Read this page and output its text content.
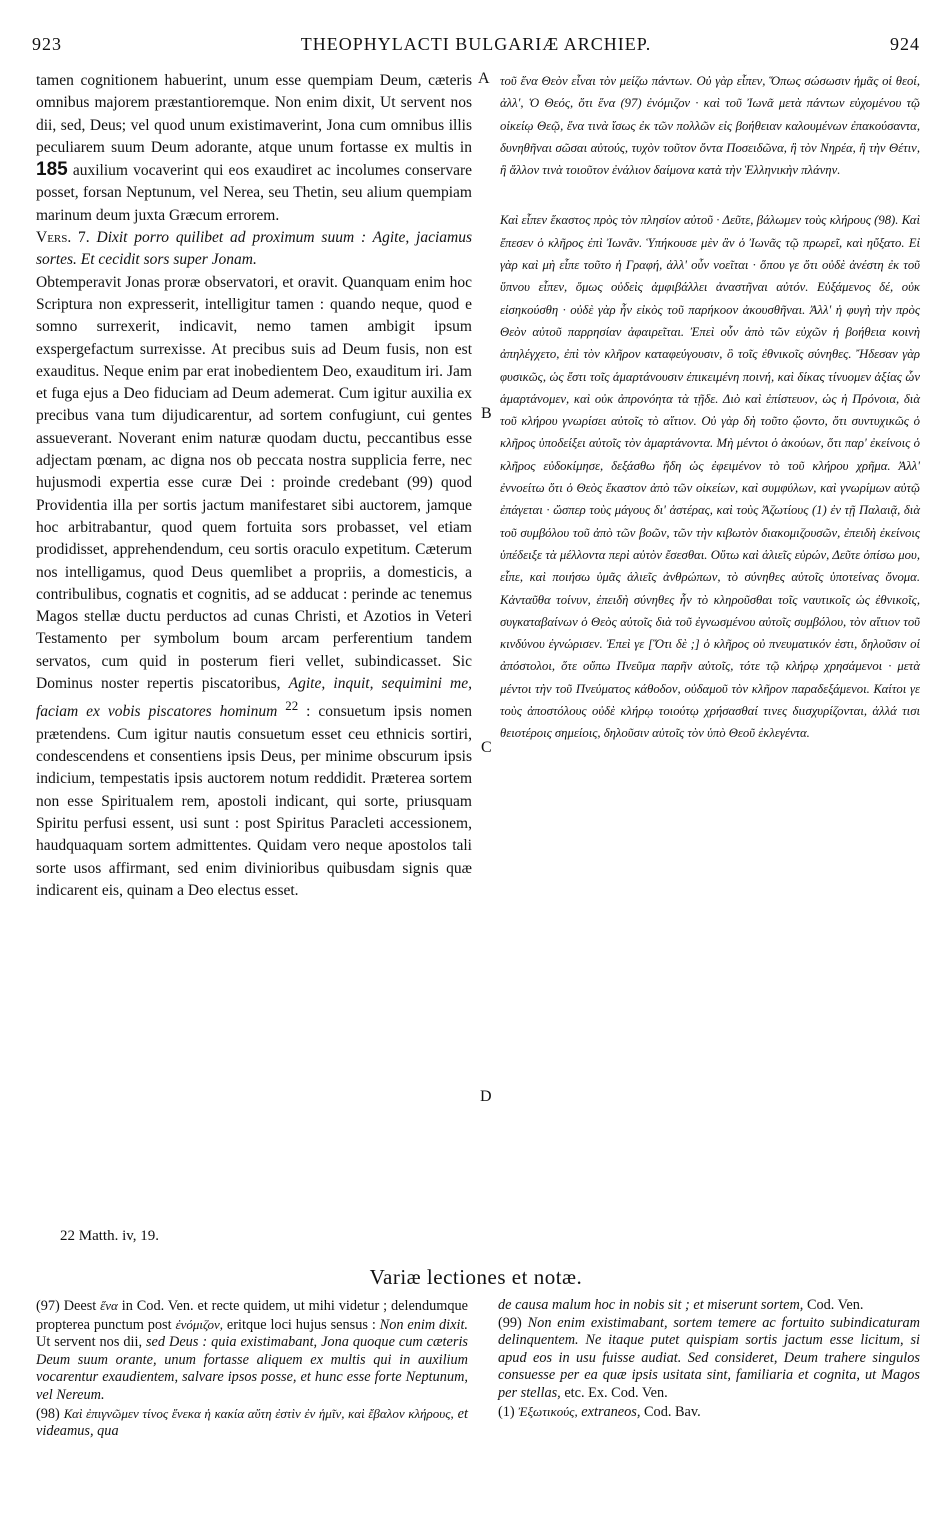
923	THEOPHYLACTI BULGARIÆ ARCHIEP.	924
A
B
C
D

tamen cognitionem habuerint, unum esse quempiam Deum, cæteris omnibus majorem præstantioremque. Non enim dixit, Ut servent nos dii, sed, Deus; vel quod unum existimaverint, Jona cum omnibus illis peculiarem suum Deum adorante, atque unum fortasse ex multis in 185 auxilium vocaverint qui eos exaudiret ac incolumes conservare posset, forsan Neptunum, vel Nerea, seu Thetin, seu alium quempiam marinum deum juxta Græcum errorem.

Vers. 7. Dixit porro quilibet ad proximum suum : Agite, jaciamus sortes. Et cecidit sors super Jonam.

Obtemperavit Jonas proræ observatori, et oravit. Quanquam enim hoc Scriptura non expresserit, intelligitur tamen : quando neque, quod e somno surrexerit, indicavit, nemo tamen ambigit ipsum exspergefactum surrexisse. At precibus suis ad Deum fusis, non est exauditus. Neque enim par erat inobedientem Deo, exauditum iri. Jam et fuga ejus a Deo fiduciam ad Deum ademerat. Cum igitur auxilia ex precibus vana tum dijudicarentur, ad sortem confugiunt, cui gentes assueverant. Noverant enim naturæ quodam ductu, peccantibus esse adjectam pœnam, ac digna nos ob peccata nostra supplicia ferre, nec hujusmodi expertia esse curæ Dei : proinde credebant (99) quod Providentia illa per sortis jactum manifestaret sibi auctorem, jamque hoc arbitrabantur, quod quem fortuita sors probasset, vel etiam prodidisset, apprehendendum, ceu sortis oraculo expetitum. Cæterum nos intelligamus, quod Deus quemlibet a propriis, a domesticis, a contribulibus, cognatis et cognitis, ad se adducat : perinde ac tenemus Magos stellæ ductu perductos ad cunas Christi, et Azotios in Veteri Testamento per symbolum boum arcam perferentium tandem servatos, cum quid in posterum fieri vellet, subindicasset. Sic Dominus noster repertis piscatoribus, Agite, inquit, sequimini me, faciam ex vobis piscatores hominum $^{22}$ : consuetum ipsis nomen prætendens. Cum igitur nautis consuetum esset ceu ethnicis sortiri, condescendens et consentiens ipsis Deus, per minime obscurum ipsis indicium, tempestatis ipsis auctorem notum reddidit. Præterea sortem non esse Spiritualem rem, apostoli indicant, qui sorte, priusquam Spiritu perfusi essent, usi sunt : post Spiritus Paracleti accessionem, haudquaquam sortem admittentes. Quidam vero neque apostolos tali sorte usos affirmant, sed enim divinioribus quibusdam signis quæ indicarent eis, quinam a Deo electus esset.

τοῦ ἕνα Θεὸν εἶναι τὸν μείζω πάντων. Οὐ γὰρ εἶπεν, Ὅπως σώσωσιν ἡμᾶς οἱ θεοί, ἀλλ', Ὁ Θεός, ὅτι ἕνα (97) ἐνόμιζον · καὶ τοῦ Ἰωνᾶ μετὰ πάντων εὐχομένου τῷ οἰκείῳ Θεῷ, ἕνα τινὰ ἴσως ἐκ τῶν πολλῶν εἰς βοήθειαν καλουμένων ἐπακούσαντα, δυνηθῆναι σῶσαι αὐτούς, τυχὸν τοῦτον ὄντα Ποσειδῶνα, ἢ τὸν Νηρέα, ἢ τὴν Θέτιν, ἢ ἄλλον τινὰ τοιοῦτον ἐνάλιον δαίμονα κατὰ τὴν Ἑλληνικὴν πλάνην.

Καὶ εἶπεν ἕκαστος πρὸς τὸν πλησίον αὐτοῦ · Δεῦτε, βάλωμεν τοὺς κλήρους (98). Καὶ ἔπεσεν ὁ κλῆρος ἐπὶ Ἰωνᾶν. Ὑπήκουσε μὲν ἂν ὁ Ἰωνᾶς τῷ πρωρεῖ, καὶ ηὔξατο. Εἰ γὰρ καὶ μὴ εἶπε τοῦτο ἡ Γραφή, ἀλλ' οὖν νοεῖται · ὅπου γε ὅτι οὐδὲ ἀνέστη ἐκ τοῦ ὕπνου εἶπεν, ὅμως οὐδεὶς ἀμφιβάλλει ἀναστῆναι αὐτόν. Εὐξάμενος δέ, οὐκ εἰσηκούσθη · οὐδὲ γὰρ ἦν εἰκὸς τοῦ παρήκοον ἀκουσθῆναι. Ἀλλ' ἡ φυγὴ τὴν πρὸς Θεὸν αὐτοῦ παρρησίαν ἀφαιρεῖται. Ἐπεὶ οὖν ἀπὸ τῶν εὐχῶν ἡ βοήθεια κοινὴ ἀπηλέγχετο, ἐπὶ τὸν κλῆρον καταφεύγουσιν, ὃ τοῖς ἐθνικοῖς σύνηθες. Ἤδεσαν γὰρ φυσικῶς, ὡς ἔστι τοῖς ἁμαρτάνουσιν ἐπικειμένη ποινή, καὶ δίκας τίνυομεν ἀξίας ὧν ἁμαρτάνομεν, καὶ οὐκ ἀπρονόητα τὰ τῇδε. Διὸ καὶ ἐπίστευον, ὡς ἡ Πρόνοια, διὰ τοῦ κλήρου γνωρίσει αὐτοῖς τὸ αἴτιον. Οὐ γὰρ δὴ τοῦτο ᾤοντο, ὅτι συντυχικῶς ὁ κλῆρος ὑποδείξει αὐτοῖς τὸν ἁμαρτάνοντα. Μὴ μέντοι ὁ ἀκούων, ὅτι παρ' ἐκείνοις ὁ κλῆρος εὐδοκίμησε, δεξάσθω ἤδη ὡς ἐφειμένον τὸ τοῦ κλήρου χρῆμα. Ἀλλ' ἐννοείτω ὅτι ὁ Θεὸς ἕκαστον ἀπὸ τῶν οἰκείων, καὶ συμφύλων, καὶ γνωρίμων αὐτῷ ἐπάγεται · ὥσπερ τοὺς μάγους δι' ἀστέρας, καὶ τοὺς Ἀζωτίους (1) ἐν τῇ Παλαιᾷ, διὰ τοῦ συμβόλου τοῦ ἀπὸ τῶν βοῶν, τῶν τὴν κιβωτὸν διακομιζουσῶν, ἐπειδὴ ἐκείνοις ὑπέδειξε τὰ μέλλοντα περὶ αὐτὸν ἔσεσθαι. Οὕτω καὶ ἁλιεῖς εὑρών, Δεῦτε ὀπίσω μου, εἶπε, καὶ ποιήσω ὑμᾶς ἁλιεῖς ἀνθρώπων, τὸ σύνηθες αὐτοῖς ὑποτείνας ὄνομα. Κἀνταῦθα τοίνυν, ἐπειδὴ σύνηθες ἦν τὸ κληροῦσθαι τοῖς ναυτικοῖς ὡς ἐθνικοῖς, συγκαταβαίνων ὁ Θεὸς αὐτοῖς διὰ τοῦ ἐγνωσμένου αὐτοῖς συμβόλου, τὸν αἴτιον τοῦ κινδύνου ἐγνώρισεν. Ἐπεὶ γε [Ὅτι δὲ ;] ὁ κλῆρος οὐ πνευματικόν ἐστι, δηλοῦσιν οἱ ἀπόστολοι, ὅτε οὔπω Πνεῦμα παρῆν αὐτοῖς, τότε τῷ κλήρῳ χρησάμενοι · μετὰ μέντοι τὴν τοῦ Πνεύματος κάθοδον, οὐδαμοῦ τὸν κλῆρον παραδεξάμενοι. Καίτοι γε τοὺς ἀποστόλους οὐδὲ κλήρῳ τοιούτῳ χρήσασθαί τινες διισχυρίζονται, ἀλλά τισι θειοτέροις σημείοις, δηλοῦσιν αὐτοῖς τὸν ὑπὸ Θεοῦ ἐκλεγέντα.

22 Matth. iv, 19.
Variæ lectiones et notæ.

(97) Deest ἕνα in Cod. Ven. et recte quidem, ut mihi videtur ; delendumque propterea punctum post ἐνόμιζον, eritque loci hujus sensus : Non enim dixit. Ut servent nos dii, sed Deus : quia existimabant, Jona quoque cum cæteris Deum suum orante, unum fortasse aliquem ex multis qui in auxilium vocarentur exaudientem, salvare ipsos posse, et hunc esse forte Neptunum, vel Nereum.

(98) Καὶ ἐπιγνῶμεν τίνος ἕνεκα ἡ κακία αὕτη ἐστὶν ἐν ἡμῖν, καὶ ἔβαλον κλήρους, et videamus, qua

de causa malum hoc in nobis sit ; et miserunt sortem, Cod. Ven.

(99) Non enim existimabant, sortem temere ac fortuito subindicaturam delinquentem. Ne itaque putet quispiam sortis jactum esse licitum, si apud eos in usu fuisse audiat. Sed consideret, Deum trahere singulos consuesse per ea quæ ipsis usitata sint, familiaria et cognita, ut Magos per stellas, etc. Ex. Cod. Ven.

(1) Ἐξωτικούς, extraneos, Cod. Bav.
